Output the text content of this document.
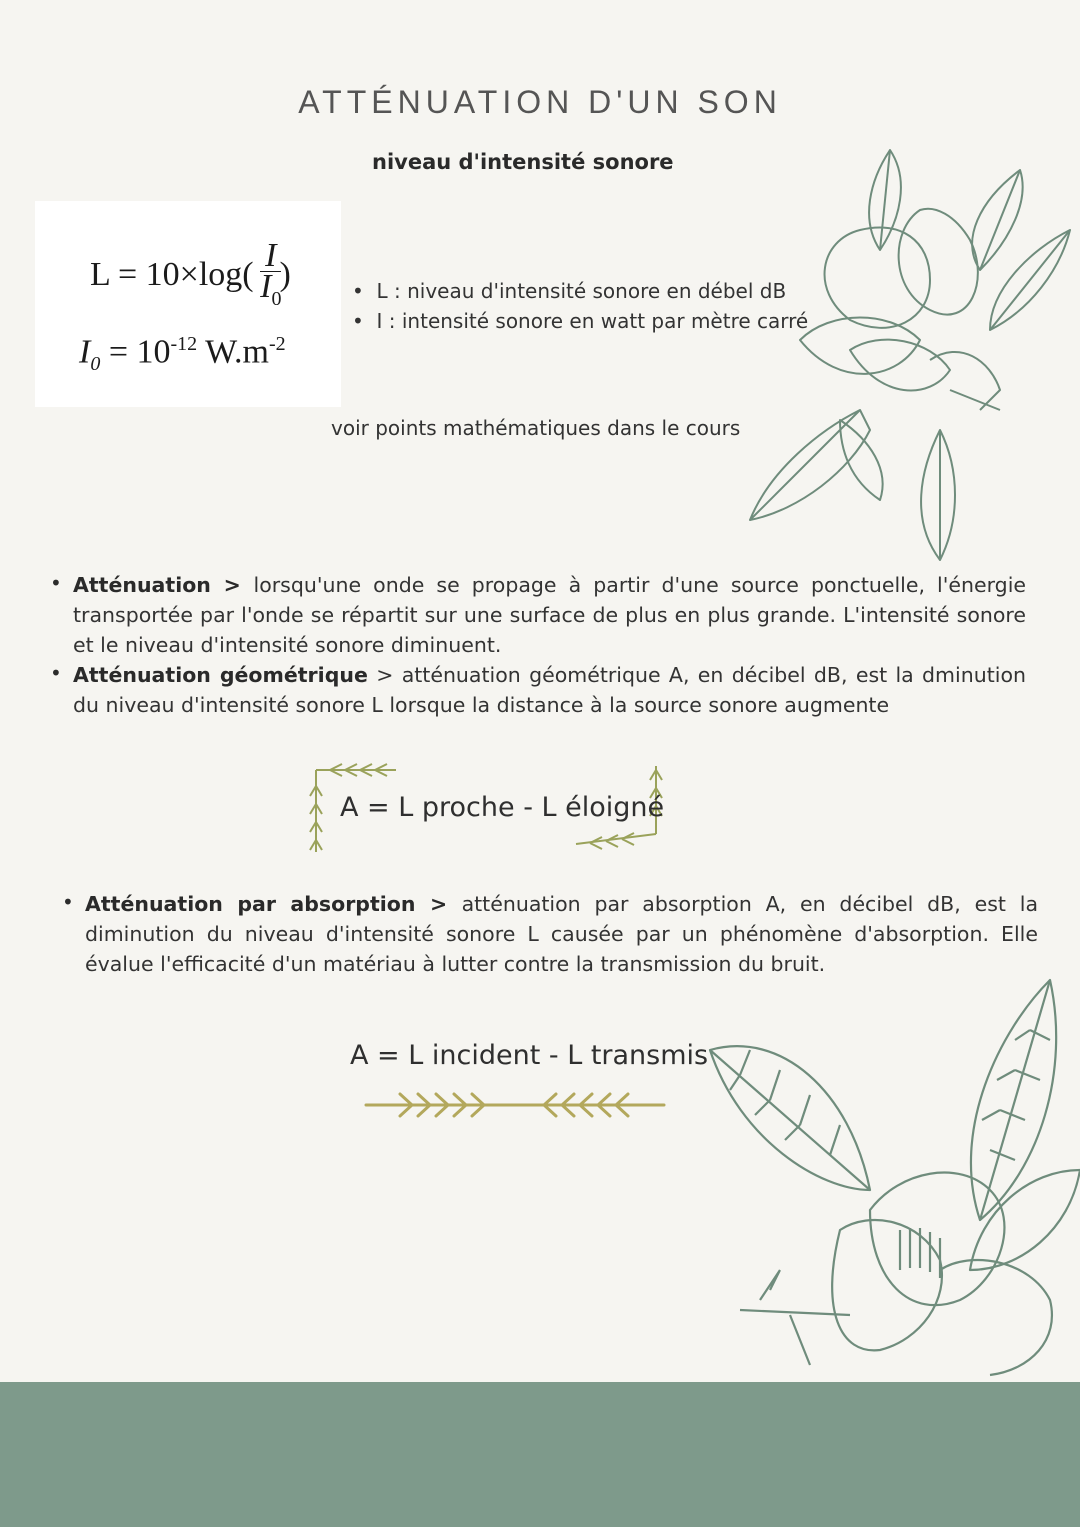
ATTÉNUATION D'UN SON
niveau d'intensité sonore
$L = 10\times\log( \frac{I}{I_0}$
)
$I_0 = 10^{-12}$ $W.m^{-2}$
•  L : niveau d'intensité sonore en débel dB
•  I : intensité sonore en watt par mètre carré
voir points mathématiques dans le cours
• Atténuation > lorsqu'une onde se propage à partir d'une source ponctuelle, l'énergie transportée par l'onde se répartit sur une surface de plus en plus grande. L'intensité sonore et le niveau d'intensité sonore diminuent.
• Atténuation géométrique > atténuation géométrique A, en décibel dB, est la dminution du niveau d'intensité sonore L lorsque la distance à la source sonore augmente
A = L proche - L éloigné
• Atténuation par absorption > atténuation par absorption A, en décibel dB, est la diminution du niveau d'intensité sonore L causée par un phénomène d'absorption. Elle évalue l'efficacité d'un matériau à lutter contre la transmission du bruit.
A = L incident - L transmis
